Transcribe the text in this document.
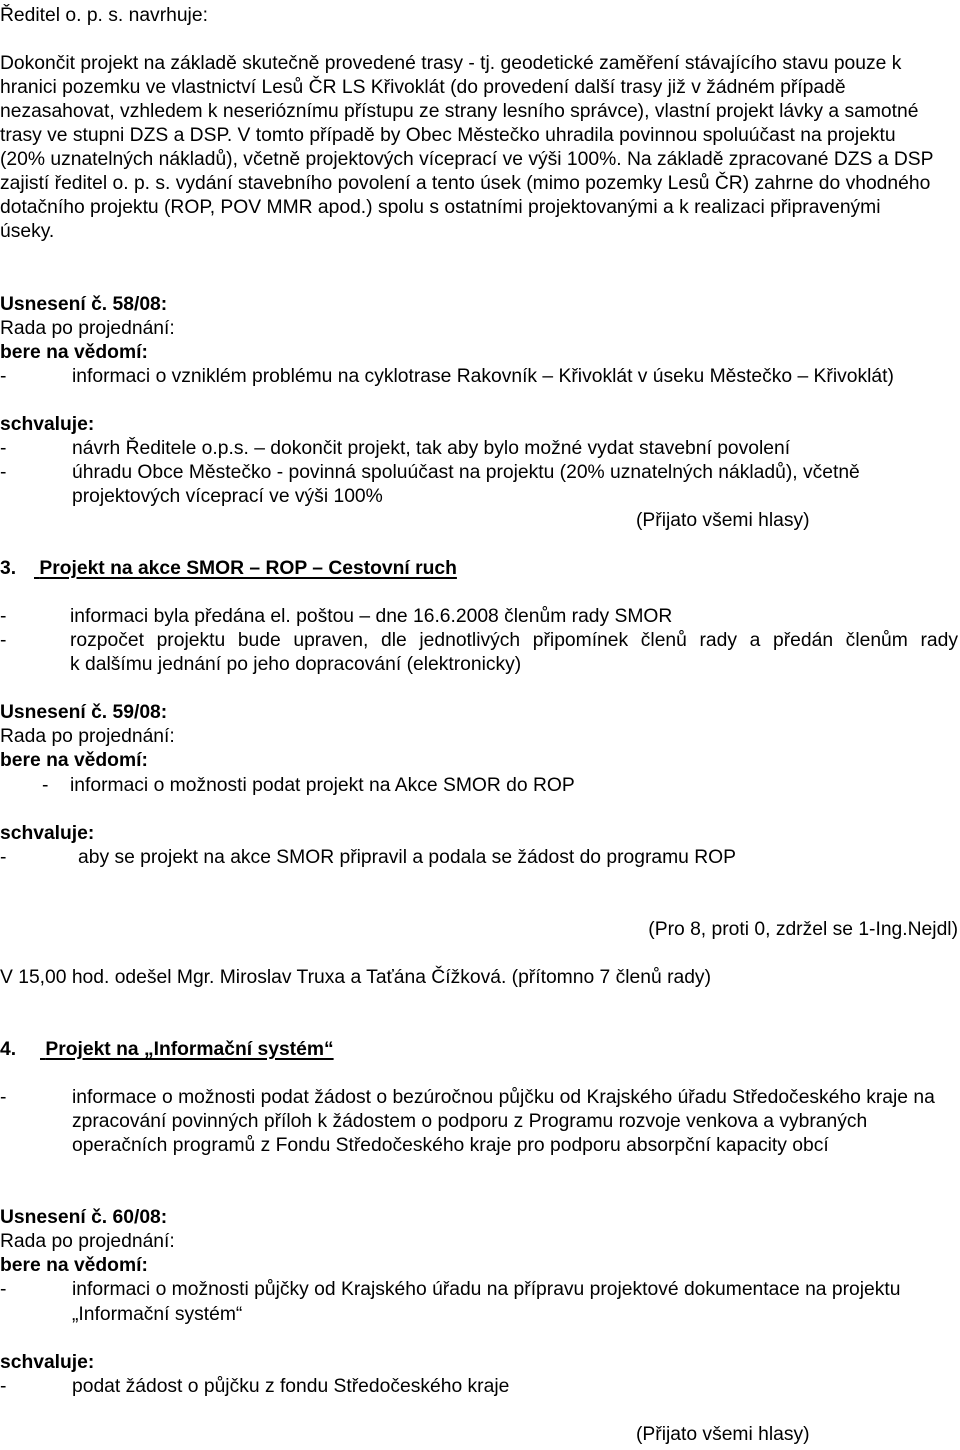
Ředitel o. p. s. navrhuje:
Dokončit projekt na základě skutečně provedené trasy - tj. geodetické zaměření stávajícího stavu pouze k
hranici pozemku ve vlastnictví Lesů ČR LS Křivoklát (do provedení další trasy již v žádném případě
nezasahovat, vzhledem k neserióznímu přístupu ze strany lesního správce), vlastní projekt lávky a samotné
trasy ve stupni DZS a DSP. V tomto případě by Obec Městečko uhradila povinnou spoluúčast na projektu
(20% uznatelných nákladů), včetně projektových víceprací ve výši 100%. Na základě zpracované DZS a DSP
zajistí ředitel o. p. s. vydání stavebního povolení a tento úsek (mimo pozemky Lesů ČR) zahrne do vhodného
dotačního projektu (ROP, POV MMR apod.) spolu s ostatními projektovanými a k realizaci připravenými
úseky.
Usnesení č. 58/08:
Rada po projednání:
bere na vědomí:
-	informaci o vzniklém problému na cyklotrase Rakovník – Křivoklát v úseku Městečko – Křivoklát)
schvaluje:
-	návrh Ředitele o.p.s. – dokončit projekt, tak aby bylo možné vydat stavební povolení
-	úhradu Obce Městečko - povinná spoluúčast na projektu (20% uznatelných nákladů), včetně
projektových víceprací ve výši 100%
(Přijato všemi hlasy)
3. Projekt na akce SMOR – ROP – Cestovní ruch
-	informaci byla předána el. poštou – dne 16.6.2008 členům rady SMOR
-	rozpočet projektu bude upraven, dle jednotlivých připomínek členů rady a předán členům rady
k dalšímu jednání po jeho dopracování (elektronicky)
Usnesení č. 59/08:
Rada po projednání:
bere na vědomí:
- informaci o možnosti podat projekt na Akce SMOR do ROP
schvaluje:
-	aby se projekt na akce SMOR připravil a podala se žádost do programu ROP
(Pro 8, proti 0, zdržel se 1-Ing.Nejdl)
V 15,00 hod. odešel Mgr. Miroslav Truxa a Taťána Čížková. (přítomno 7 členů rady)
4. Projekt na „Informační systém“
-	informace o možnosti podat žádost o bezúročnou půjčku od Krajského úřadu Středočeského kraje na
zpracování povinných příloh k žádostem o podporu z Programu rozvoje venkova a vybraných
operačních programů z Fondu Středočeského kraje pro podporu absorpční kapacity obcí
Usnesení č. 60/08:
Rada po projednání:
bere na vědomí:
-	informaci o možnosti půjčky od Krajského úřadu na přípravu projektové dokumentace na projektu
„Informační systém“
schvaluje:
-	podat žádost o půjčku z fondu Středočeského kraje
(Přijato všemi hlasy)
